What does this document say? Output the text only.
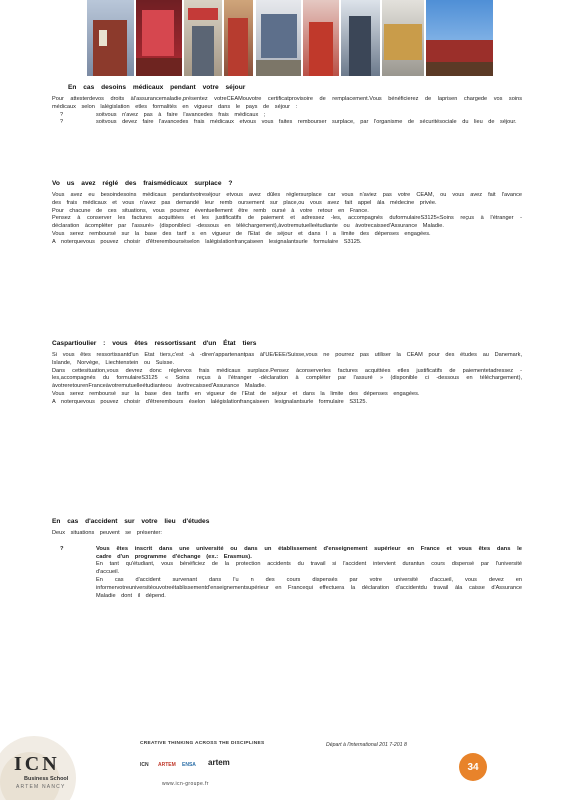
En cas desoins médicaux pendant votre séjour
Pour attesterdevos droits àl'assurancemaladie,présentez votreCEAMouvotre certificatprovisoire de remplacement.Vous bénéficierez de laprisen chargede vos soins médicaux selon lalégislation etles formalités en vigueur dans le pays de séjour :
?	soitvous n'avez pas à faire l'avancedes frais médicaux ;
?	soitvous devez faire l'avancedes frais médicaux etvous vous faites rembourser surplace, par l'organisme de sécuritésociale du lieu de séjour.
Vo us avez réglé des fraismédicaux surplace ?
Vous avez eu besoindesoins médicaux pendantvotreséjour etvous avez dûles réglersurplace car vous n'aviez pas votre CEAM, ou vous avez fait l'avance des frais médicaux et vous n'avez pas demandé leur remb oursement sur place,ou vous avez fait appel àla médecine privée.
Pour chacune de ces situations, vous pourrez éventuellement être remb oursé à votre retour en France.
Pensez à conserver les factures acquittées et les justificatifs de paiement et adressez -les, accompagnés duformulaireS3125«Soins reçus à l'étranger -déclaration àcompléter par l'assuré» (disponibleci -dessous en téléchargement),àvotremutuelleétudiante ou àvotrecaissed'Assurance Maladie.
Vous serez remboursé sur la base des tarif s en vigueur de l'Etat de séjour et dans l a limite des dépenses engagées.
A noterquevous pouvez choisir d'êtrerembourséselon lalégislationfrançaiseen lesignalantsurle formulaire S3125.
Caspartioulier : vous êtes ressortissant d'un État tiers
Si vous êtes ressortissantd'un Etat tiers,c'est -à -diren'appartenantpas àl'UE/EEE/Suisse,vous ne pourrez pas utiliser la CEAM pour des études au Danemark, Islande, Norvège, Liechtenstein ou Suisse.
Dans cettesituation,vous devrez donc réglervos frais médicaux surplace.Pensez àconserverles factures acquittées etles justificatifs de paiementetadressez -les,accompagnés du formulaireS3125 « Soins reçus à l'étranger -déclaration à compléter par l'assuré » (disponible ci -dessous en téléchargement), àvotreretourenFranceàvotremutuelleétudianteou àvotrecaissed'Assurance Maladie.
Vous serez remboursé sur la base des tarifs en vigueur de l'Etat de séjour et dans la limite des dépenses engagées.
A noterquevous pouvez choisir d'êtrerembours éselon lalégislationfrançaiseen lesignalantsurle formulaire S3125.
En cas d'accident sur votre lieu d'études
Deux situations peuvent se présenter:
?	Vous êtes inscrit dans une université ou dans un établissement d'enseignement supérieur en France et vous êtes dans le cadre d'un programme d'échange (ex.: Erasmus).
En tant qu'étudiant, vous bénéficiez de la protection accidents du travail si l'accident intervient durantun cours dispensé par l'université d'accueil.
En cas d'accident survenant dans l'u n des cours dispensés par votre université d'accueil, vous devez en informervotreuniversitéouvotreétablissementd'enseignementsupérieur en Francequi effectuera la déclaration d'accidentdu travail àla caisse d'Assurance Maladie dont il dépend.
ICN
Business School
ARTEM NANCY
CREATIVE THINKING ACROSS THE DISCIPLINES
ICN ARTEM ENSA artem
www.icn-groupe.fr
Départ à l'international 201 7-201 8
34
